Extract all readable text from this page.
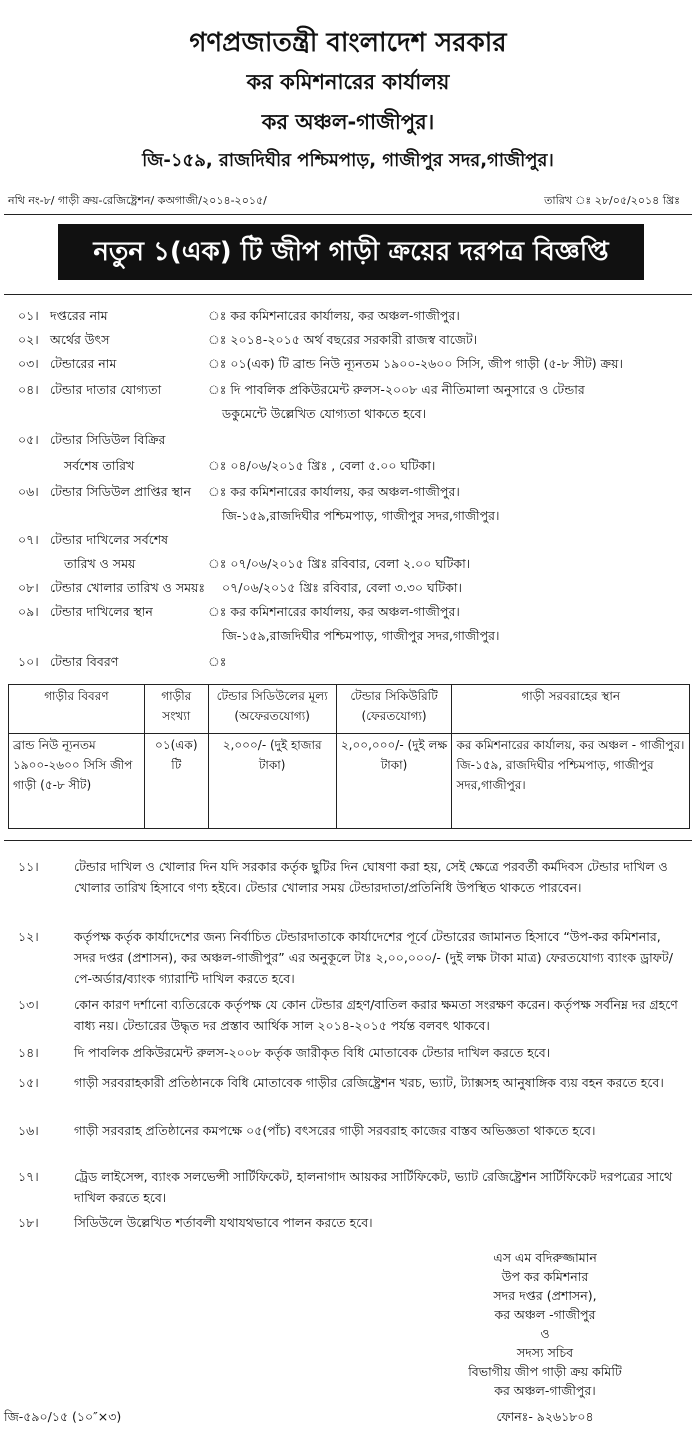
গণপ্রজাতন্ত্রী বাংলাদেশ সরকার
কর কমিশনারের কার্যালয়
কর অঞ্চল-গাজীপুর।
জি-১৫৯, রাজদিঘীর পশ্চিমপাড়, গাজীপুর সদর,গাজীপুর।
নথি নং-৮/ গাড়ী ক্রয়-রেজিষ্ট্রেশন/ কঅগাজী/২০১৪-২০১৫/	তারিখ ঃ ২৮/০৫/২০১৪ খ্রিঃ
নতুন ১(এক) টি জীপ গাড়ী ক্রয়ের দরপত্র বিজ্ঞপ্তি
০১। দপ্তরের নাম	ঃ কর কমিশনারের কার্যালয়, কর অঞ্চল-গাজীপুর।
০২। অর্থের উৎস	ঃ ২০১৪-২০১৫ অর্থ বছরের সরকারী রাজস্ব বাজেট।
০৩। টেন্ডারের নাম	ঃ ০১(এক) টি ব্রান্ড নিউ ন্যূনতম ১৯০০-২৬০০ সিসি, জীপ গাড়ী (৫-৮ সীট) ক্রয়।
০৪। টেন্ডার দাতার যোগ্যতা	ঃ দি পাবলিক প্রকিউরমেন্ট রুলস-২০০৮ এর নীতিমালা অনুসারে ও টেন্ডার
ডকুমেন্টে উল্লেখিত যোগ্যতা থাকতে হবে।
০৫। টেন্ডার সিডিউল বিক্রির
সর্বশেষ তারিখ	ঃ ০৪/০৬/২০১৫ খ্রিঃ , বেলা ৫.০০ ঘটিকা।
০৬। টেন্ডার সিডিউল প্রাপ্তির স্থান ঃ কর কমিশনারের কার্যালয়, কর অঞ্চল-গাজীপুর।
জি-১৫৯,রাজদিঘীর পশ্চিমপাড়, গাজীপুর সদর,গাজীপুর।
০৭। টেন্ডার দাখিলের সর্বশেষ
তারিখ ও সময়	ঃ ০৭/০৬/২০১৫ খ্রিঃ রবিবার, বেলা ২.০০ ঘটিকা।
০৮। টেন্ডার খোলার তারিখ ও সময়ঃ ০৭/০৬/২০১৫ খ্রিঃ রবিবার, বেলা ৩.৩০ ঘটিকা।
০৯। টেন্ডার দাখিলের স্থান	ঃ কর কমিশনারের কার্যালয়, কর অঞ্চল-গাজীপুর।
জি-১৫৯,রাজদিঘীর পশ্চিমপাড়, গাজীপুর সদর,গাজীপুর।
১০। টেন্ডার বিবরণ	ঃ
গাড়ীর বিবরণ	গাড়ীর সংখ্যা	টেন্ডার সিডিউলের মূল্য (অফেরতযোগ্য)	টেন্ডার সিকিউরিটি (ফেরতযোগ্য)	গাড়ী সরবরাহের স্থান
ব্রান্ড নিউ ন্যূনতম ১৯০০-২৬০০ সিসি জীপ গাড়ী (৫-৮ সীট)	০১(এক) টি	২,০০০/- (দুই হাজার টাকা)	২,০০,০০০/- (দুই লক্ষ টাকা)	কর কমিশনারের কার্যালয়, কর অঞ্চল - গাজীপুর। জি-১৫৯, রাজদিঘীর পশ্চিমপাড়, গাজীপুর সদর,গাজীপুর।
১১।	টেন্ডার দাখিল ও খোলার দিন যদি সরকার কর্তৃক ছুটির দিন ঘোষণা করা হয়, সেই ক্ষেত্রে পরবর্তী কর্মদিবস টেন্ডার দাখিল ও খোলার তারিখ হিসাবে গণ্য হইবে। টেন্ডার খোলার সময় টেন্ডারদাতা/প্রতিনিধি উপস্থিত থাকতে পারবেন।
১২।	কর্তৃপক্ষ কর্তৃক কার্যাদেশের জন্য নির্বাচিত টেন্ডারদাতাকে কার্যাদেশের পূর্বে টেন্ডারের জামানত হিসাবে “উপ-কর কমিশনার, সদর দপ্তর (প্রশাসন), কর অঞ্চল-গাজীপুর” এর অনুকূলে টাঃ ২,০০,০০০/- (দুই লক্ষ টাকা মাত্র) ফেরতযোগ্য ব্যাংক ড্রাফট/পে-অর্ডার/ব্যাংক গ্যারান্টি দাখিল করতে হবে।
১৩।	কোন কারণ দর্শানো ব্যতিরেকে কর্তৃপক্ষ যে কোন টেন্ডার গ্রহণ/বাতিল করার ক্ষমতা সংরক্ষণ করেন। কর্তৃপক্ষ সর্বনিম্ন দর গ্রহণে বাধ্য নয়। টেন্ডারের উদ্ধৃত দর প্রস্তাব আর্থিক সাল ২০১৪-২০১৫ পর্যন্ত বলবৎ থাকবে।
১৪।	দি পাবলিক প্রকিউরমেন্ট রুলস-২০০৮ কর্তৃক জারীকৃত বিধি মোতাবেক টেন্ডার দাখিল করতে হবে।
১৫।	গাড়ী সরবরাহকারী প্রতিষ্ঠানকে বিধি মোতাবেক গাড়ীর রেজিষ্ট্রেশন খরচ, ভ্যাট, ট্যাক্সসহ আনুষাঙ্গিক ব্যয় বহন করতে হবে।
১৬।	গাড়ী সরবরাহ প্রতিষ্ঠানের কমপক্ষে ০৫(পাঁচ) বৎসরের গাড়ী সরবরাহ কাজের বাস্তব অভিজ্ঞতা থাকতে হবে।
১৭।	ট্রেড লাইসেন্স, ব্যাংক সলভেন্সী সার্টিফিকেট, হালনাগাদ আয়কর সার্টিফিকেট, ভ্যাট রেজিষ্ট্রেশন সার্টিফিকেট দরপত্রের সাথে দাখিল করতে হবে।
১৮।	সিডিউলে উল্লেখিত শর্তাবলী যথাযথভাবে পালন করতে হবে।
এস এম বদিরুজ্জামান
উপ কর কমিশনার
সদর দপ্তর (প্রশাসন),
কর অঞ্চল -গাজীপুর
ও
সদস্য সচিব
বিভাগীয় জীপ গাড়ী ক্রয় কমিটি
কর অঞ্চল-গাজীপুর।
জি-৫৯০/১৫ (১০″×৩)	ফোনঃ- ৯২৬১৮০৪
